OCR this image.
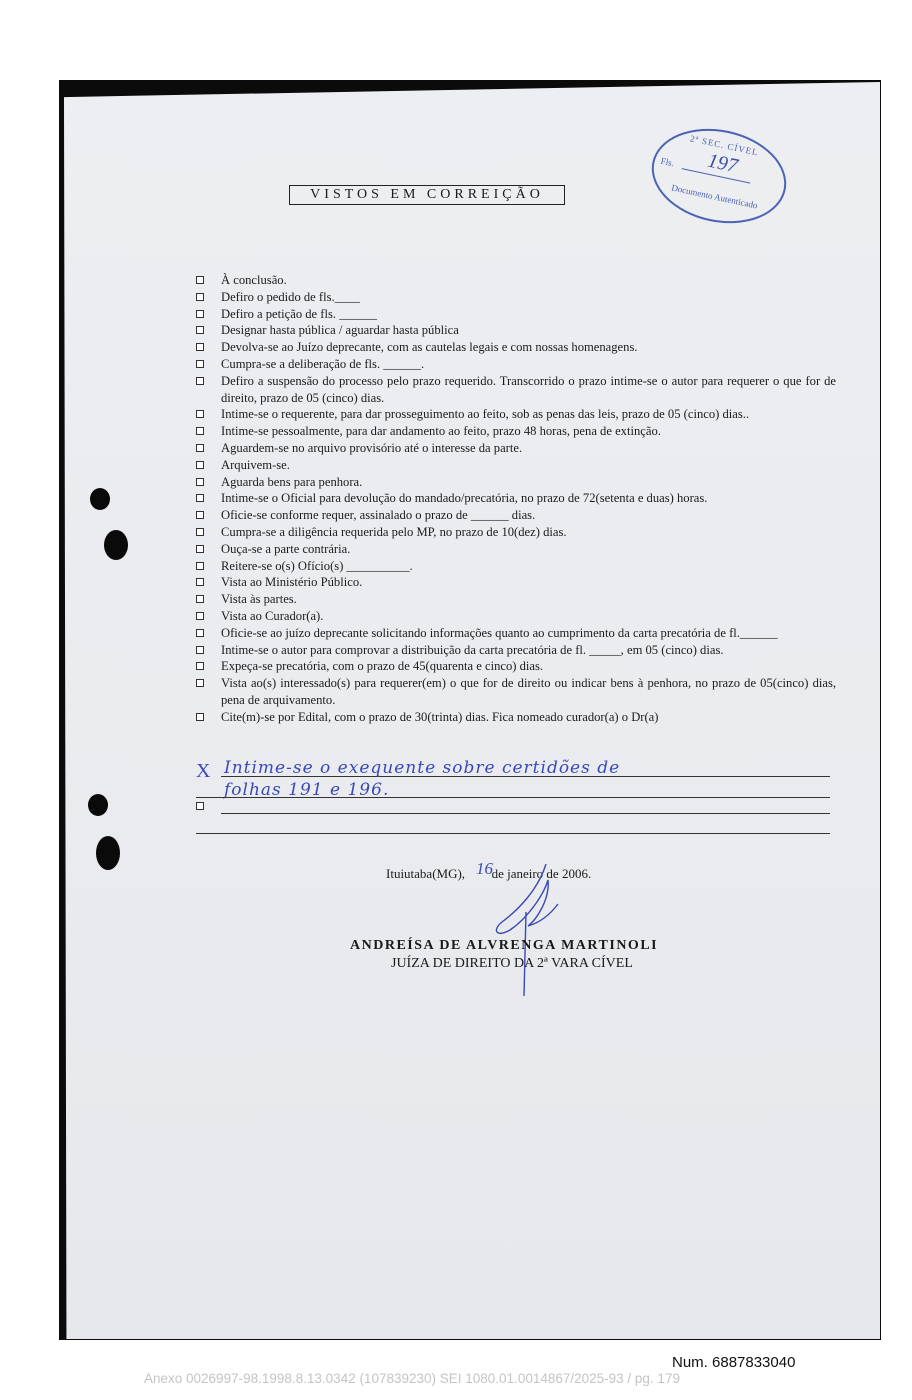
2ª SEC. CÍVEL
Fls. 197
Documento Autenticado
VISTOS EM CORREIÇÃO
À conclusão.
Defiro o pedido de fls.____
Defiro a petição de fls. ______
Designar hasta pública / aguardar hasta pública
Devolva-se ao Juízo deprecante, com as cautelas legais e com nossas homenagens.
Cumpra-se a deliberação de fls. ______.
Defiro a suspensão do processo pelo prazo requerido. Transcorrido o prazo intime-se o autor para requerer o que for de direito, prazo de 05 (cinco) dias.
Intime-se o requerente, para dar prosseguimento ao feito, sob as penas das leis, prazo de 05 (cinco) dias..
Intime-se pessoalmente, para dar andamento ao feito, prazo 48 horas, pena de extinção.
Aguardem-se no arquivo provisório até o interesse da parte.
Arquivem-se.
Aguarda bens para penhora.
Intime-se o Oficial para devolução do mandado/precatória, no prazo de 72(setenta e duas) horas.
Oficie-se conforme requer, assinalado o prazo de ______ dias.
Cumpra-se a diligência requerida pelo MP, no prazo de 10(dez) dias.
Ouça-se a parte contrária.
Reitere-se o(s) Ofício(s) __________.
Vista ao Ministério Público.
Vista às partes.
Vista ao Curador(a).
Oficie-se ao juízo deprecante solicitando informações quanto ao cumprimento da carta precatória de fl.______
Intime-se o autor para comprovar a distribuição da carta precatória de fl. _____, em 05 (cinco) dias.
Expeça-se precatória, com o prazo de 45(quarenta e cinco) dias.
Vista ao(s) interessado(s) para requerer(em) o que for de direito ou indicar bens à penhora, no prazo de 05(cinco) dias, pena de arquivamento.
Cite(m)-se por Edital, com o prazo de 30(trinta) dias. Fica nomeado curador(a) o Dr(a)
X Intime-se o exequente sobre certidões de
folhas 191 e 196.
Ituiutaba(MG), de janeiro de 2006.
16
ANDREÍSA DE ALVRENGA MARTINOLI
JUÍZA DE DIREITO DA 2ª VARA CÍVEL
Num. 6887833040
Anexo 0026997-98.1998.8.13.0342 (107839230) SEI 1080.01.0014867/2025-93 / pg. 179
